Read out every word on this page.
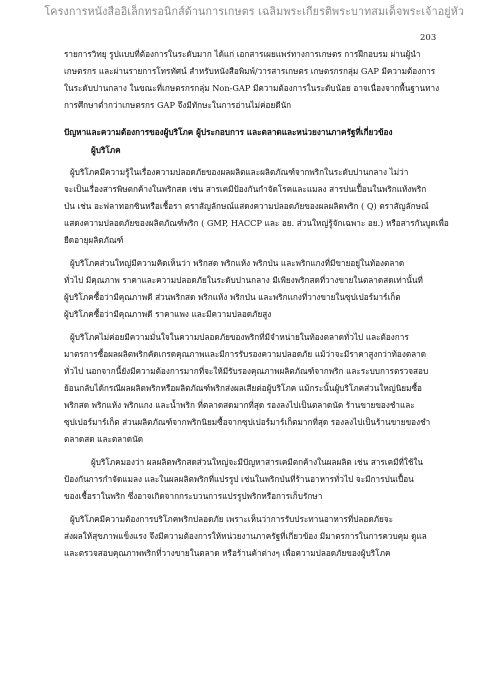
โครงการหนังสืออิเล็กทรอนิกส์ด้านการเกษตร เฉลิมพระเกียรติพระบาทสมเด็จพระเจ้าอยู่หัว
203
รายการวิทยุ รูปแบบที่ต้องการในระดับมาก ได้แก่ เอกสารเผยแพร่ทางการเกษตร การฝึกอบรม ผ่านผู้นำ
เกษตรกร และผ่านรายการโทรทัศน์ สำหรับหนังสือพิมพ์/วารสารเกษตร เกษตรกรกลุ่ม GAP มีความต้องการ
ในระดับปานกลาง ในขณะที่เกษตรกรกลุ่ม Non-GAP มีความต้องการในระดับน้อย อาจเนื่องจากพื้นฐานทาง
การศึกษาต่ำกว่าเกษตรกร GAP จึงมีทักษะในการอ่านไม่ค่อยดีนัก
ปัญหาและความต้องการของผู้บริโภค ผู้ประกอบการ และตลาดและหน่วยงานภาครัฐที่เกี่ยวข้อง
ผู้บริโภค
ผู้บริโภคมีความรู้ในเรื่องความปลอดภัยของผลผลิตและผลิตภัณฑ์จากพริกในระดับปานกลาง ไม่ว่า
จะเป็นเรื่องสารพิษตกค้างในพริกสด เช่น สารเคมีป้องกันกำจัดโรคและแมลง สารปนเปื้อนในพริกแห้งพริก
ป่น เช่น อะฟลาทอกซินหรือเชื้อรา ตราสัญลักษณ์แสดงความปลอดภัยของผลผลิตพริก ( Q) ตราสัญลักษณ์
แสดงความปลอดภัยของผลิตภัณฑ์พริก ( GMP, HACCP และ อย. ส่วนใหญ่รู้จักเฉพาะ อย.) หรือสารกันบูดเพื่อ
ยืดอายุผลิตภัณฑ์
ผู้บริโภคส่วนใหญ่มีความคิดเห็นว่า พริกสด พริกแห้ง พริกป่น และพริกแกงที่มีขายอยู่ในท้องตลาด
ทั่วไป มีคุณภาพ ราคาและความปลอดภัยในระดับปานกลาง มีเพียงพริกสดที่วางขายในตลาดสดเท่านั้นที่
ผู้บริโภคซื้อว่ามีคุณภาพดี ส่วนพริกสด พริกแห้ง พริกป่น และพริกแกงที่วางขายในซุปเปอร์มาร์เก็ต
ผู้บริโภคซื้อว่ามีคุณภาพดี ราคาแพง และมีความปลอดภัยสูง
ผู้บริโภคไม่ค่อยมีความมั่นใจในความปลอดภัยของพริกที่มีจำหน่ายในท้องตลาดทั่วไป และต้องการ
มาตรการซื้อผลผลิตพริกคัดเกรดคุณภาพและมีการรับรองความปลอดภัย แม้ว่าจะมีราคาสูงกว่าท้องตลาด
ทั่วไป นอกจากนี้ยังมีความต้องการมากที่จะให้มีรับรองคุณภาพผลิตภัณฑ์จากพริก และระบบการตรวจสอบ
ย้อนกลับได้กรณีผลผลิตพริกหรือผลิตภัณฑ์พริกส่งผลเสียต่อผู้บริโภค แม้กระนั้นผู้บริโภคส่วนใหญ่นิยมซื้อ
พริกสด พริกแห้ง พริกแกง และน้ำพริก ที่ตลาดสดมากที่สุด รองลงไปเป็นตลาดนัด ร้านขายของชำและ
ซุปเปอร์มาร์เก็ต ส่วนผลิตภัณฑ์จากพริกนิยมซื้อจากซุปเปอร์มาร์เก็ตมากที่สุด รองลงไปเป็นร้านขายของชำ
ตลาดสด และตลาดนัด
ผู้บริโภคมองว่า ผลผลิตพริกสดส่วนใหญ่จะมีปัญหาสารเคมีตกค้างในผลผลิต เช่น สารเคมีที่ใช้ใน
ป้องกันการกำจัดแมลง และในผลผลิตพริกที่แปรรูป เช่นในพริกป่นที่ร้านอาหารทั่วไป จะมีการปนเปื้อน
ของเชื้อราในพริก ซึ่งอาจเกิดจากกระบวนการแปรรูปพริกหรือการเก็บรักษา
ผู้บริโภคมีความต้องการบริโภคพริกปลอดภัย เพราะเห็นว่าการรับประทานอาหารที่ปลอดภัยจะ
ส่งผลให้สุขภาพแข็งแรง จึงมีความต้องการให้หน่วยงานภาครัฐที่เกี่ยวข้อง มีมาตรการในการควบคุม ดูแล
และตรวจสอบคุณภาพพริกที่วางขายในตลาด หรือร้านค้าต่างๆ เพื่อความปลอดภัยของผู้บริโภค
